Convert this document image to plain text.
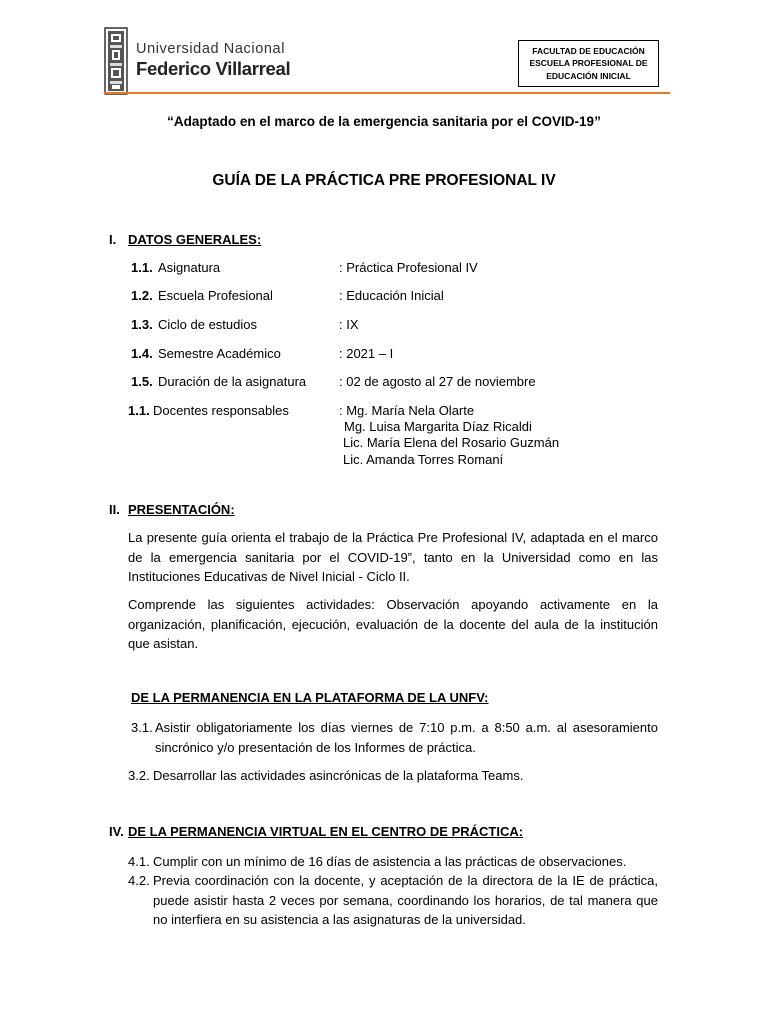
Universidad Nacional
Federico Villarreal
FACULTAD DE EDUCACIÓN
ESCUELA PROFESIONAL DE
EDUCACIÓN INICIAL
“Adaptado en el marco de la emergencia sanitaria por el COVID-19”
GUÍA DE LA PRÁCTICA PRE PROFESIONAL IV
I. DATOS GENERALES:
1.1. Asignatura	: Práctica Profesional IV
1.2. Escuela Profesional	: Educación Inicial
1.3. Ciclo de estudios	: IX
1.4. Semestre Académico	: 2021 – I
1.5. Duración de la asignatura	: 02 de agosto al 27 de noviembre
1.1. Docentes responsables	: Mg. María Nela Olarte
Mg. Luisa Margarita Díaz Ricaldi
Lic. María Elena del Rosario Guzmán
Lic. Amanda Torres Romaní
II. PRESENTACIÓN:
La presente guía orienta el trabajo de la Práctica Pre Profesional IV, adaptada en el marco de la emergencia sanitaria por el COVID-19”, tanto en la Universidad como en las Instituciones Educativas de Nivel Inicial - Ciclo II.
Comprende las siguientes actividades: Observación apoyando activamente en la organización, planificación, ejecución, evaluación de la docente del aula de la institución que asistan.
DE LA PERMANENCIA EN LA PLATAFORMA DE LA UNFV:
3.1. Asistir obligatoriamente los días viernes de 7:10 p.m. a 8:50 a.m. al asesoramiento sincrónico y/o presentación de los Informes de práctica.
3.2. Desarrollar las actividades asincrónicas de la plataforma Teams.
IV. DE LA PERMANENCIA VIRTUAL EN EL CENTRO DE PRÁCTICA:
4.1. Cumplir con un mínimo de 16 días de asistencia a las prácticas de observaciones.
4.2. Previa coordinación con la docente, y aceptación de la directora de la IE de práctica, puede asistir hasta 2 veces por semana, coordinando los horarios, de tal manera que no interfiera en su asistencia a las asignaturas de la universidad.
